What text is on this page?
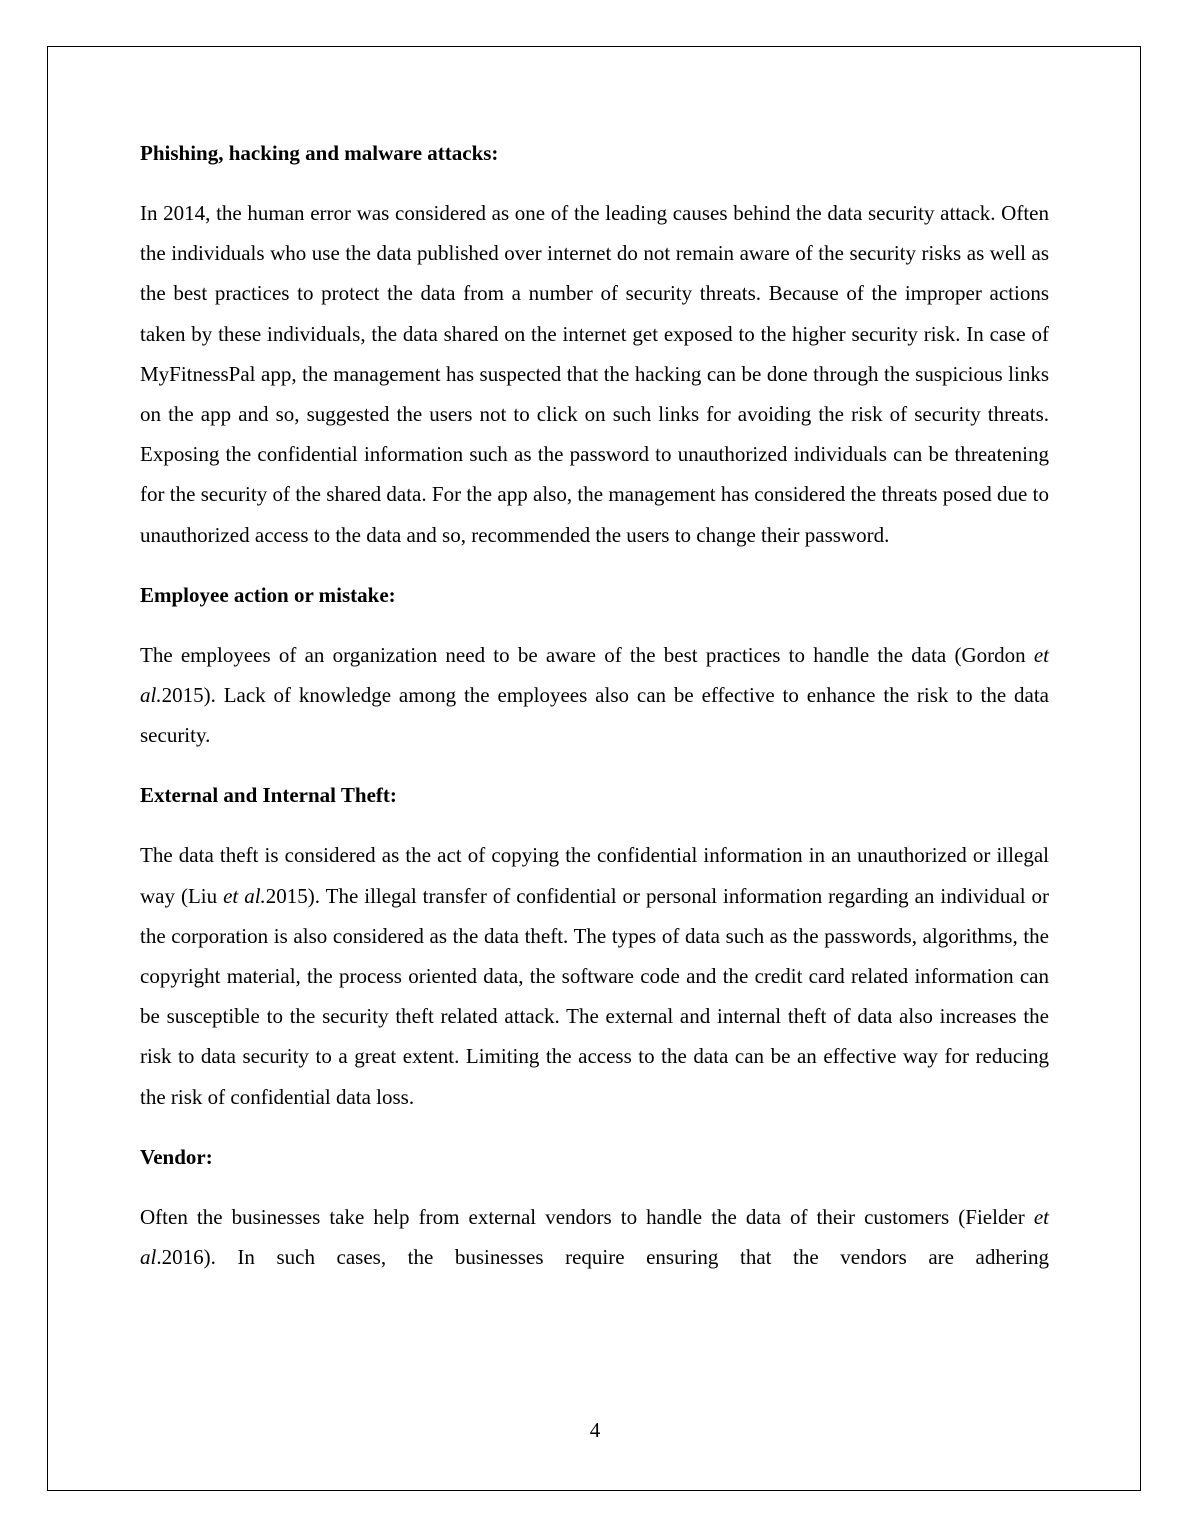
Phishing, hacking and malware attacks:

In 2014, the human error was considered as one of the leading causes behind the data security attack. Often the individuals who use the data published over internet do not remain aware of the security risks as well as the best practices to protect the data from a number of security threats. Because of the improper actions taken by these individuals, the data shared on the internet get exposed to the higher security risk. In case of MyFitnessPal app, the management has suspected that the hacking can be done through the suspicious links on the app and so, suggested the users not to click on such links for avoiding the risk of security threats. Exposing the confidential information such as the password to unauthorized individuals can be threatening for the security of the shared data. For the app also, the management has considered the threats posed due to unauthorized access to the data and so, recommended the users to change their password.

Employee action or mistake:

The employees of an organization need to be aware of the best practices to handle the data (Gordon et al.2015). Lack of knowledge among the employees also can be effective to enhance the risk to the data security.

External and Internal Theft:

The data theft is considered as the act of copying the confidential information in an unauthorized or illegal way (Liu et al.2015). The illegal transfer of confidential or personal information regarding an individual or the corporation is also considered as the data theft. The types of data such as the passwords, algorithms, the copyright material, the process oriented data, the software code and the credit card related information can be susceptible to the security theft related attack. The external and internal theft of data also increases the risk to data security to a great extent. Limiting the access to the data can be an effective way for reducing the risk of confidential data loss.

Vendor:

Often the businesses take help from external vendors to handle the data of their customers (Fielder et al.2016). In such cases, the businesses require ensuring that the vendors are adhering

4
